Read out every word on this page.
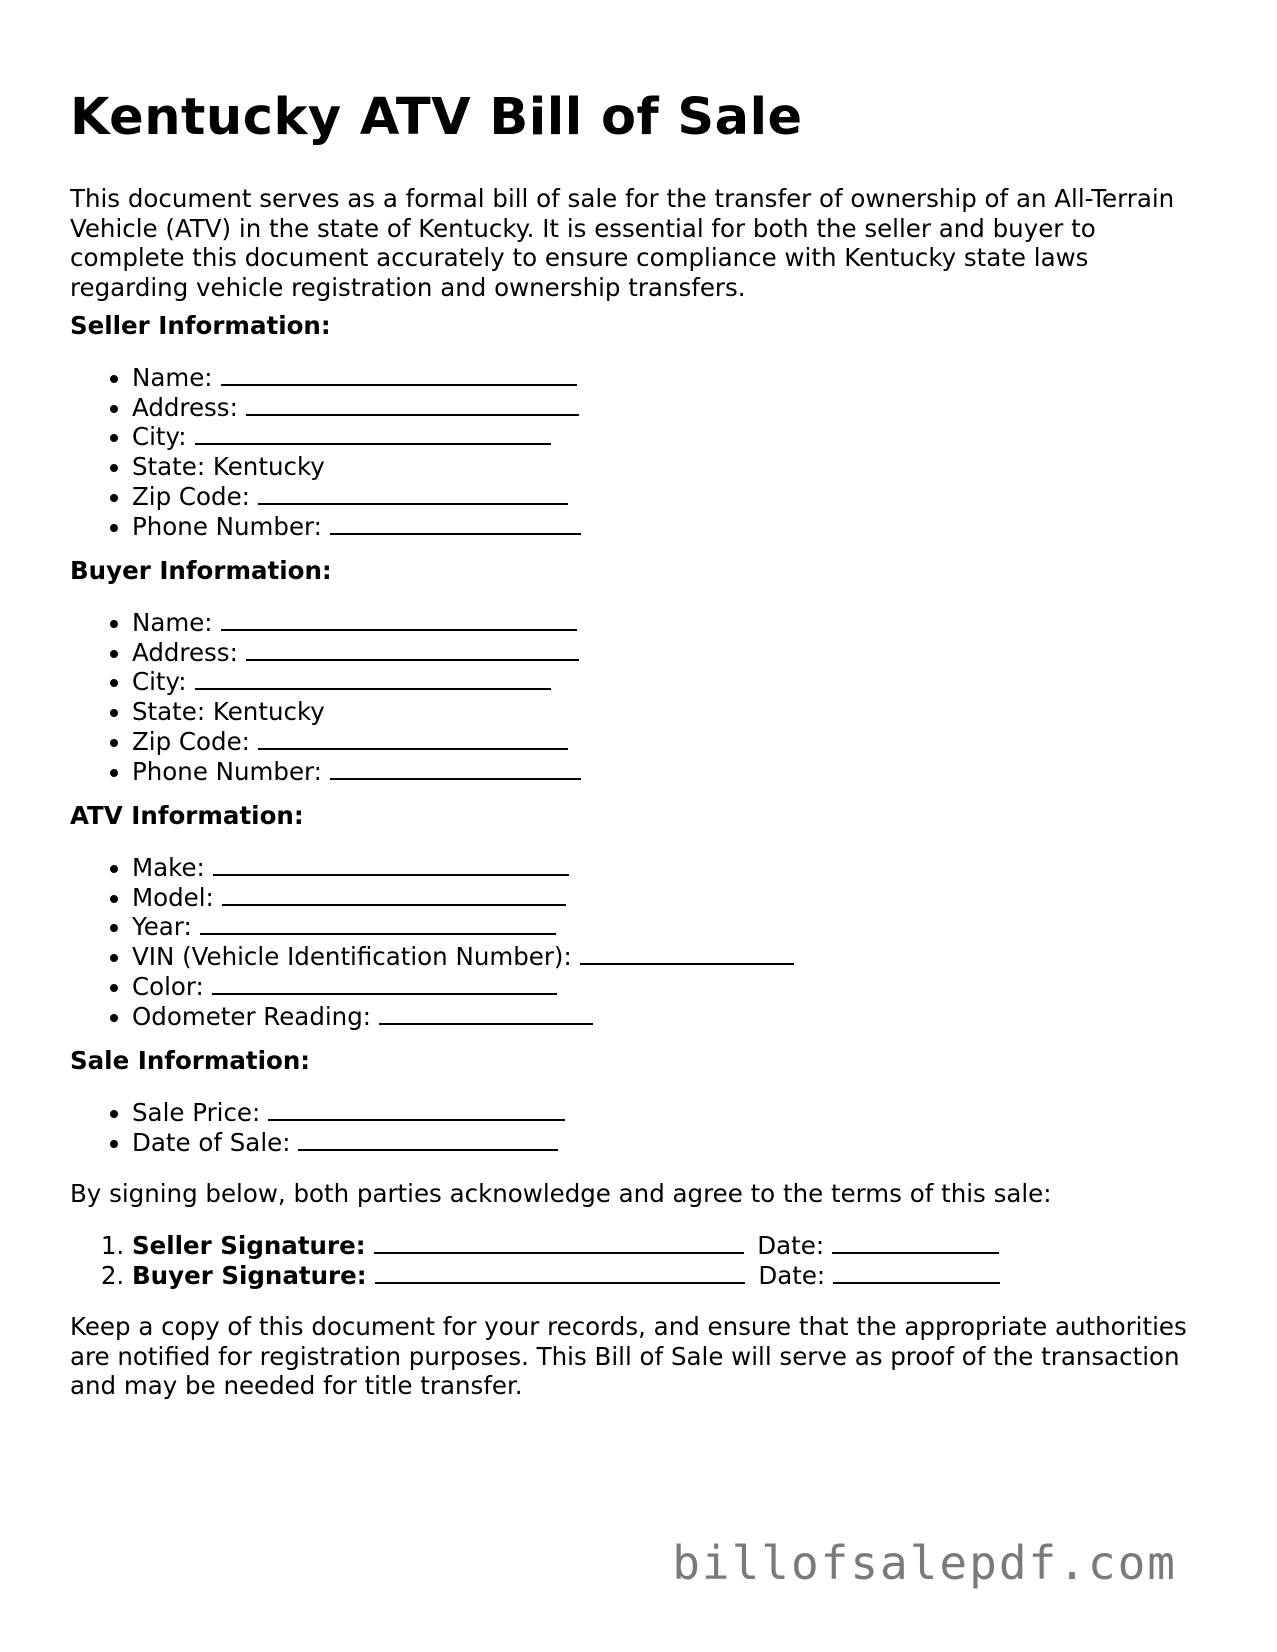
Kentucky ATV Bill of Sale

This document serves as a formal bill of sale for the transfer of ownership of an All-Terrain Vehicle (ATV) in the state of Kentucky. It is essential for both the seller and buyer to complete this document accurately to ensure compliance with Kentucky state laws regarding vehicle registration and ownership transfers.

Seller Information:
• Name:
• Address:
• City:
• State: Kentucky
• Zip Code:
• Phone Number:
Buyer Information:
• Name:
• Address:
• City:
• State: Kentucky
• Zip Code:
• Phone Number:
ATV Information:
• Make:
• Model:
• Year:
• VIN (Vehicle Identification Number):
• Color:
• Odometer Reading:
Sale Information:
• Sale Price:
• Date of Sale:

By signing below, both parties acknowledge and agree to the terms of this sale:

1. Seller Signature:	Date:
2. Buyer Signature:	Date:

Keep a copy of this document for your records, and ensure that the appropriate authorities are notified for registration purposes. This Bill of Sale will serve as proof of the transaction and may be needed for title transfer.

billofsalepdf.com
